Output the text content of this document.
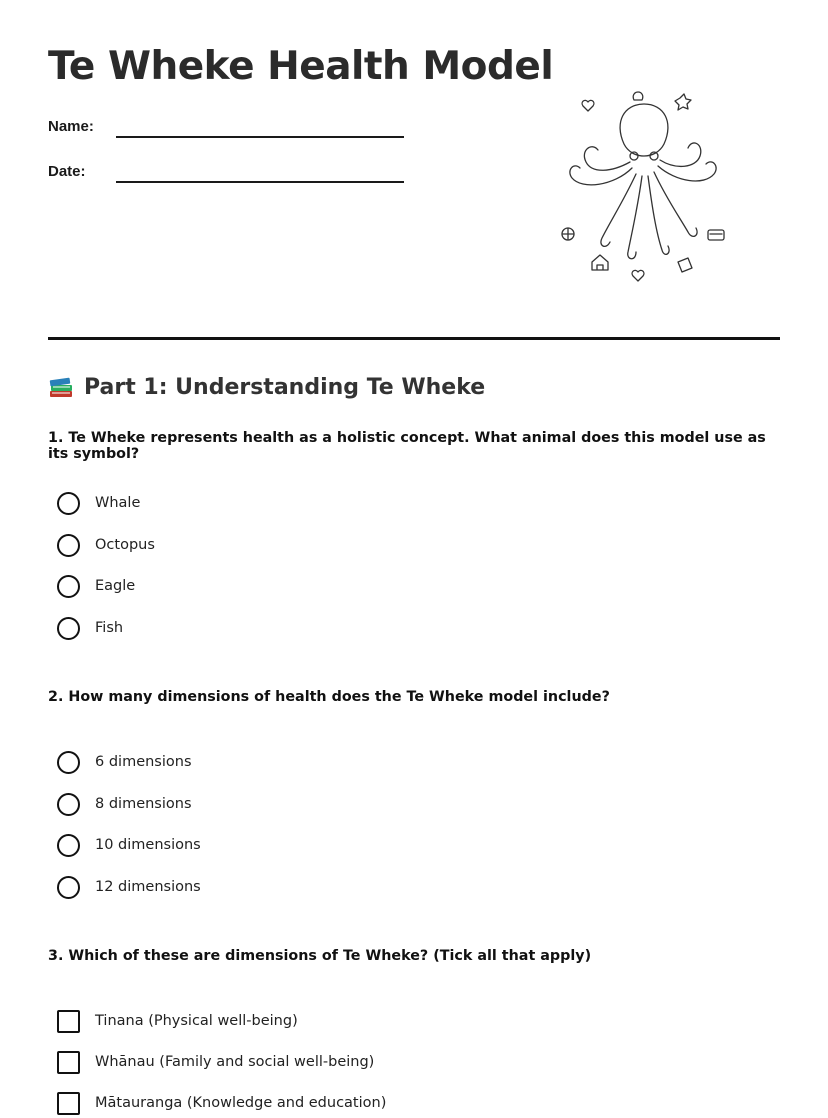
Te Wheke Health Model
Name:
Date:
Part 1: Understanding Te Wheke

1. Te Wheke represents health as a holistic concept. What animal does this model use as its symbol?

Whale
Octopus
Eagle
Fish

2. How many dimensions of health does the Te Wheke model include?

6 dimensions
8 dimensions
10 dimensions
12 dimensions

3. Which of these are dimensions of Te Wheke? (Tick all that apply)

Tinana (Physical well-being)
Whānau (Family and social well-being)
Mātauranga (Knowledge and education)
